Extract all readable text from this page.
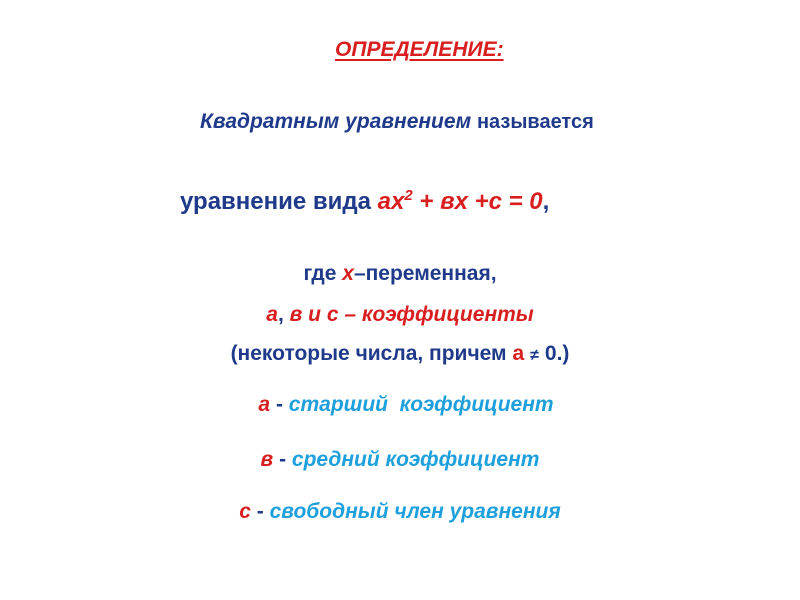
ОПРЕДЕЛЕНИЕ:
Квадратным уравнением называется
уравнение вида $ах^2$ + вх +с = 0,
где х–переменная,
а, в и с – коэффициенты
(некоторые числа, причем а ≠ 0.)
а - старший  коэффициент
в - средний коэффициент
с - свободный член уравнения
